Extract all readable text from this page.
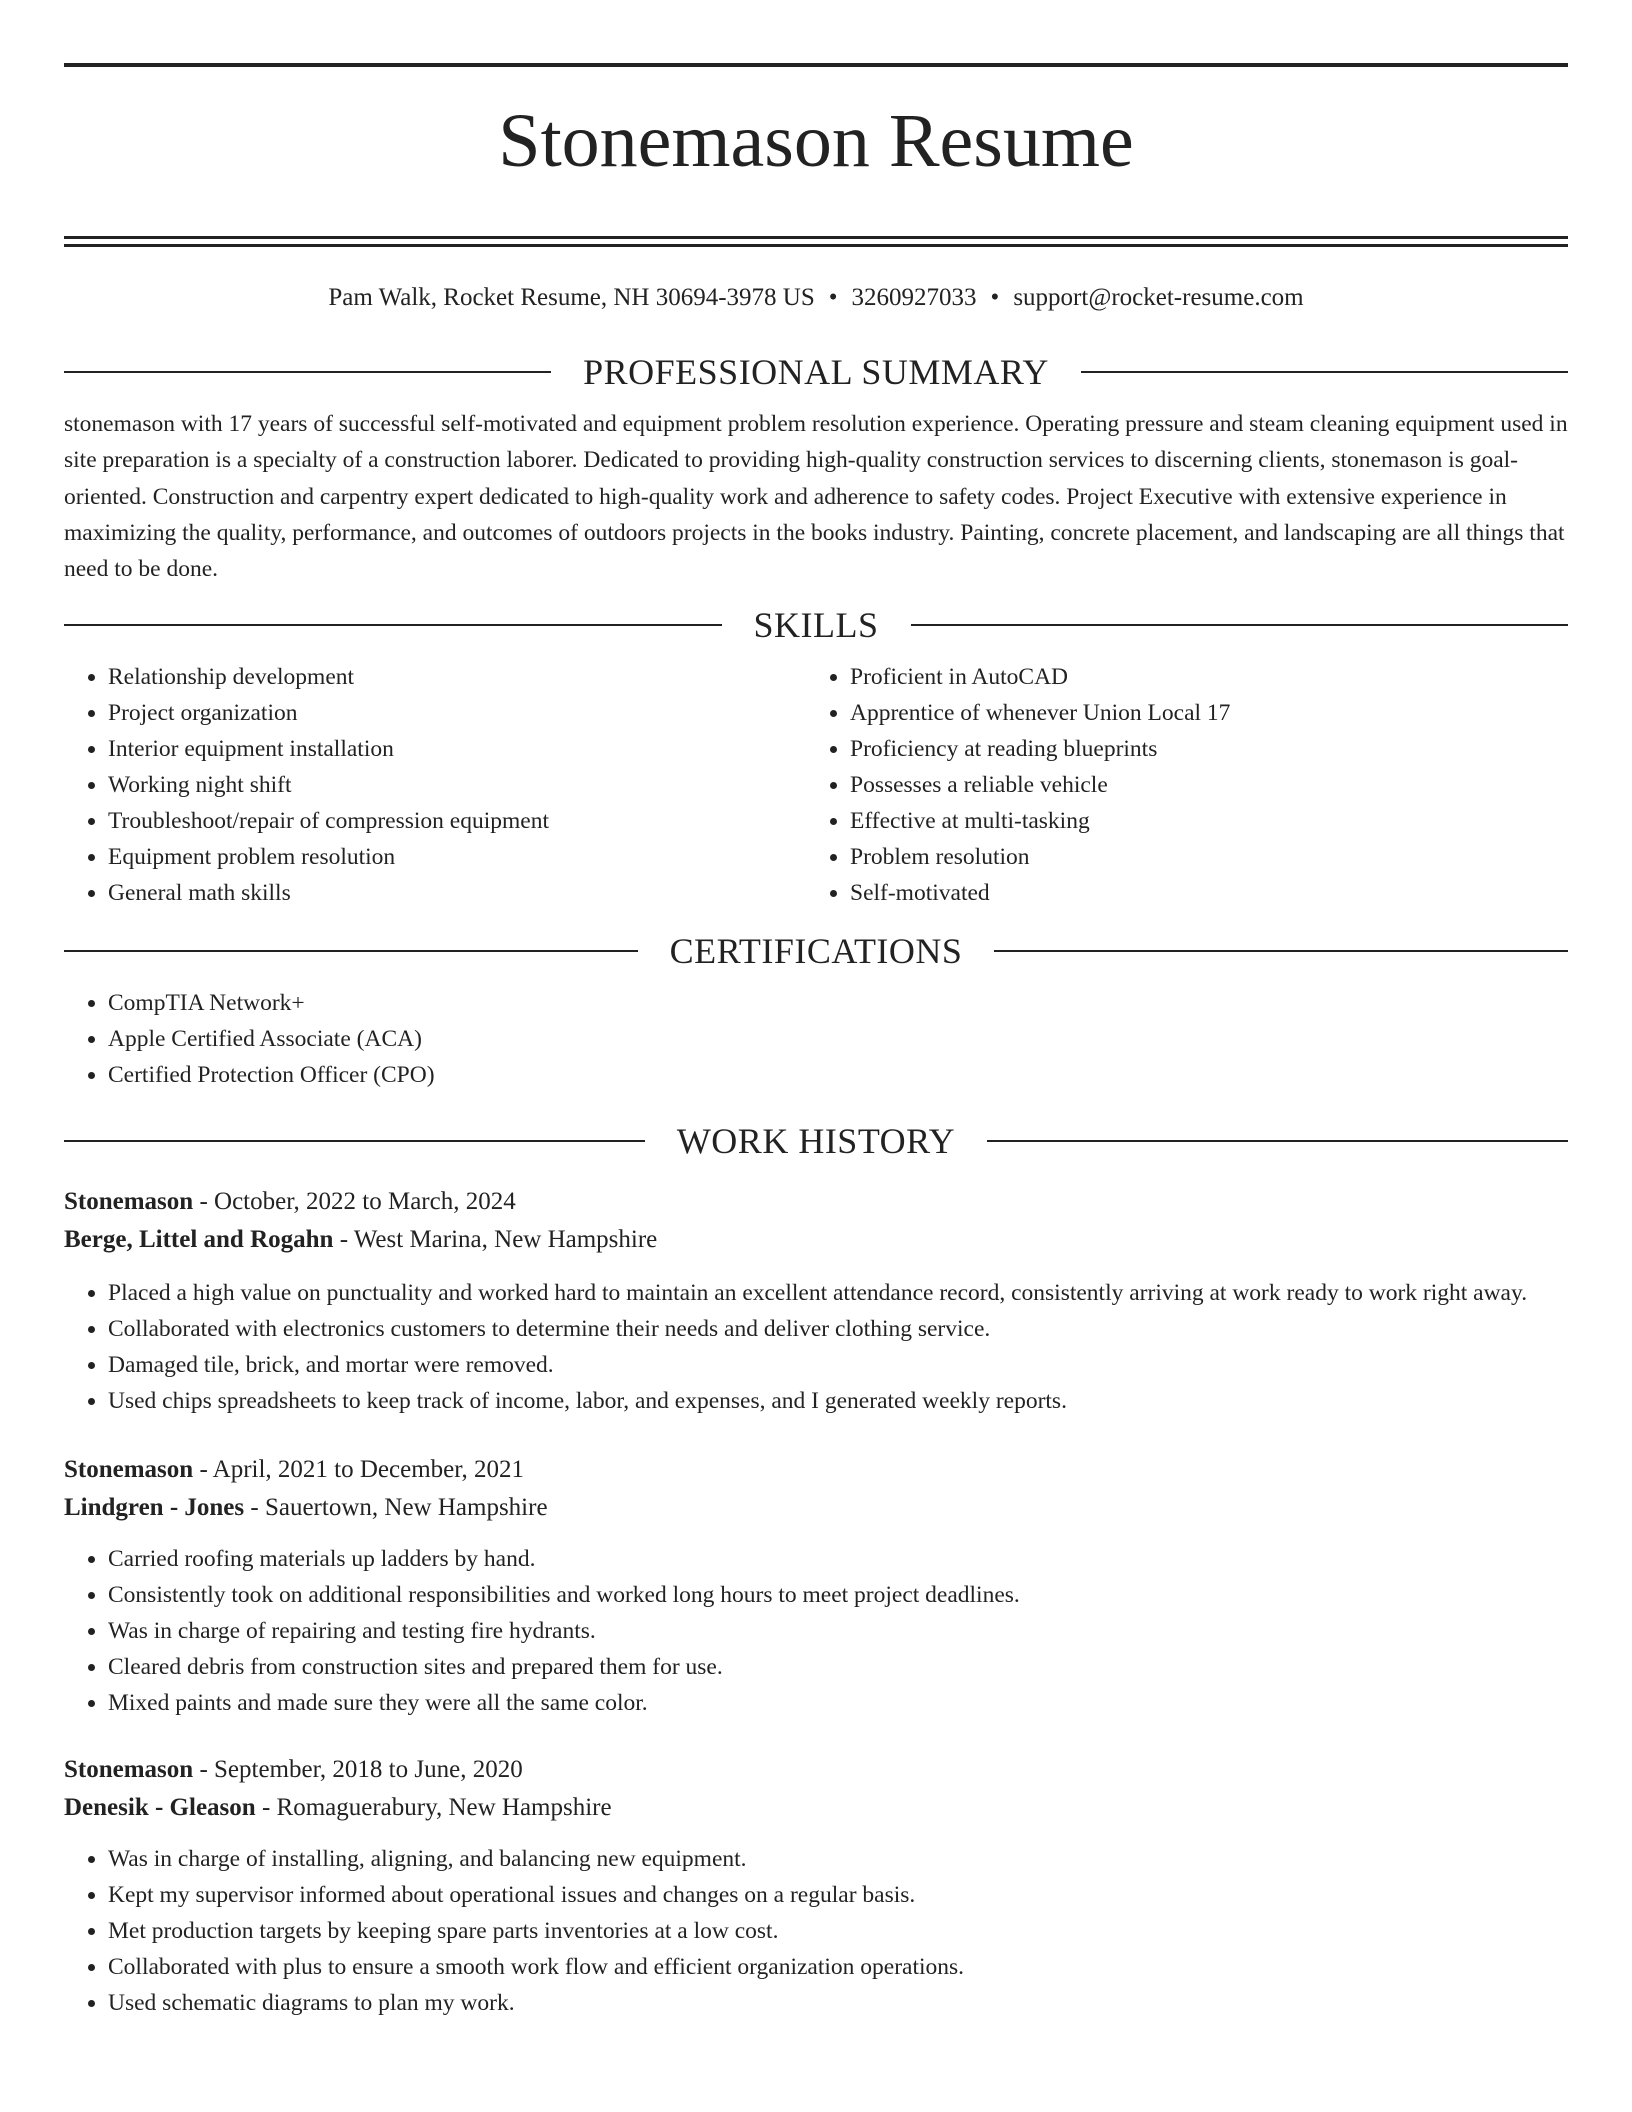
Stonemason Resume
Pam Walk, Rocket Resume, NH 30694-3978 US • 3260927033 • support@rocket-resume.com
PROFESSIONAL SUMMARY

stonemason with 17 years of successful self-motivated and equipment problem resolution experience. Operating pressure and steam cleaning equipment used in site preparation is a specialty of a construction laborer. Dedicated to providing high-quality construction services to discerning clients, stonemason is goal-oriented. Construction and carpentry expert dedicated to high-quality work and adherence to safety codes. Project Executive with extensive experience in maximizing the quality, performance, and outcomes of outdoors projects in the books industry. Painting, concrete placement, and landscaping are all things that need to be done.

SKILLS
• Relationship development
• Project organization
• Interior equipment installation
• Working night shift
• Troubleshoot/repair of compression equipment
• Equipment problem resolution
• General math skills
• Proficient in AutoCAD
• Apprentice of whenever Union Local 17
• Proficiency at reading blueprints
• Possesses a reliable vehicle
• Effective at multi-tasking
• Problem resolution
• Self-motivated
CERTIFICATIONS
• CompTIA Network+
• Apple Certified Associate (ACA)
• Certified Protection Officer (CPO)
WORK HISTORY
Stonemason - October, 2022 to March, 2024
Berge, Littel and Rogahn - West Marina, New Hampshire
• Placed a high value on punctuality and worked hard to maintain an excellent attendance record, consistently arriving at work ready to work right away.
• Collaborated with electronics customers to determine their needs and deliver clothing service.
• Damaged tile, brick, and mortar were removed.
• Used chips spreadsheets to keep track of income, labor, and expenses, and I generated weekly reports.
Stonemason - April, 2021 to December, 2021
Lindgren - Jones - Sauertown, New Hampshire
• Carried roofing materials up ladders by hand.
• Consistently took on additional responsibilities and worked long hours to meet project deadlines.
• Was in charge of repairing and testing fire hydrants.
• Cleared debris from construction sites and prepared them for use.
• Mixed paints and made sure they were all the same color.
Stonemason - September, 2018 to June, 2020
Denesik - Gleason - Romaguerabury, New Hampshire
• Was in charge of installing, aligning, and balancing new equipment.
• Kept my supervisor informed about operational issues and changes on a regular basis.
• Met production targets by keeping spare parts inventories at a low cost.
• Collaborated with plus to ensure a smooth work flow and efficient organization operations.
• Used schematic diagrams to plan my work.
